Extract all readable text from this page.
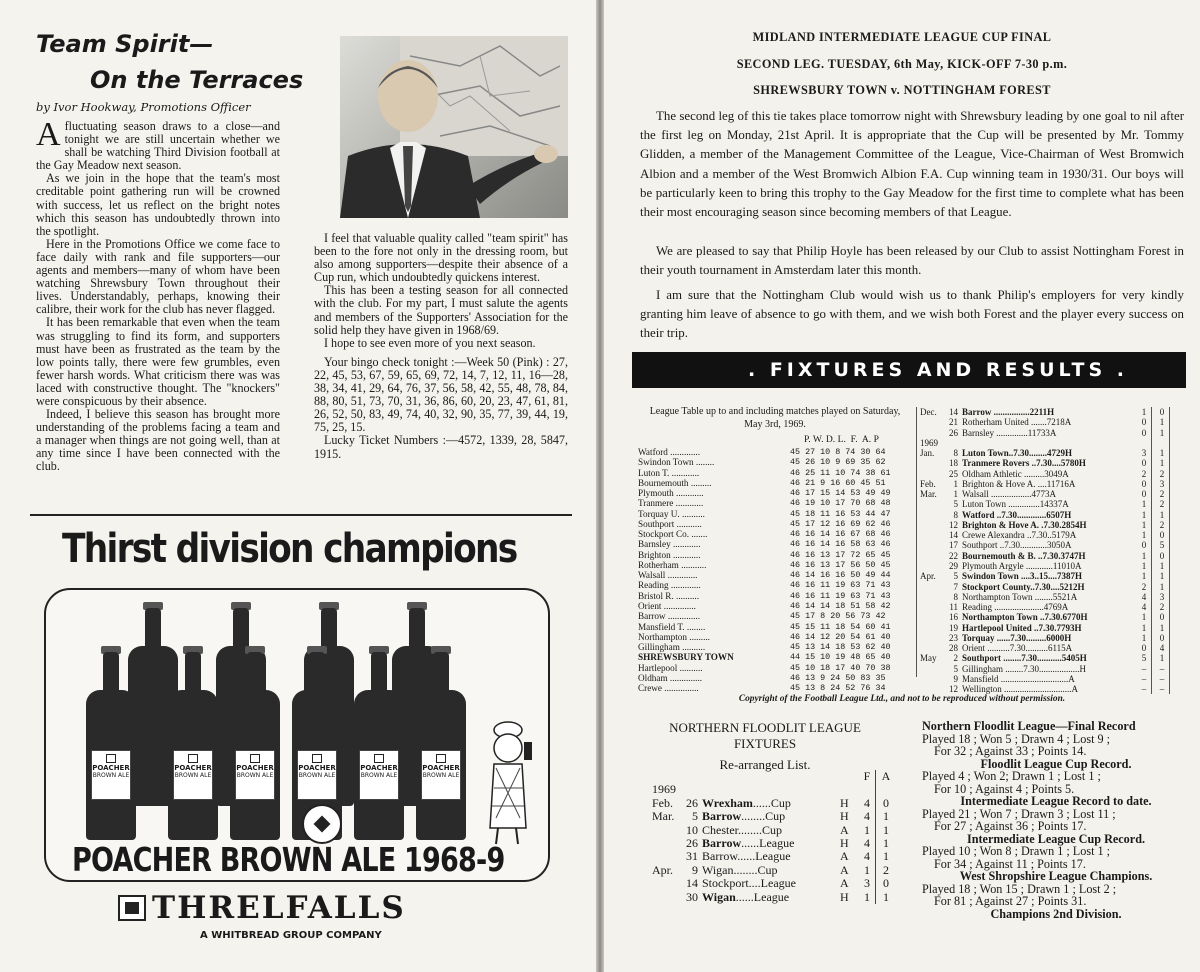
Team Spirit—
On the Terraces
by Ivor Hookway, Promotions Officer

Afluctuating season draws to a close—and tonight we are still uncertain whether we shall be watching Third Division football at the Gay Meadow next season.

As we join in the hope that the team's most creditable point gathering run will be crowned with success, let us reflect on the bright notes which this season has undoubtedly thrown into the spotlight.

Here in the Promotions Office we come face to face daily with rank and file supporters—our agents and members—many of whom have been watching Shrewsbury Town throughout their lives. Understandably, perhaps, knowing their calibre, their work for the club has never flagged.

It has been remarkable that even when the team was struggling to find its form, and supporters must have been as frustrated as the team by the low points tally, there were few grumbles, even fewer harsh words. What criticism there was was laced with constructive thought. The "knockers" were conspicuous by their absence.

Indeed, I believe this season has brought more understanding of the problems facing a team and a manager when things are not going well, than at any time since I have been connected with the club.

I feel that valuable quality called "team spirit" has been to the fore not only in the dressing room, but also among supporters—despite their absence of a Cup run, which undoubtedly quickens interest.

This has been a testing season for all connected with the club. For my part, I must salute the agents and members of the Supporters' Association for the solid help they have given in 1968/69.

I hope to see even more of you next season.

Your bingo check tonight :—Week 50 (Pink) : 27, 22, 45, 53, 67, 59, 65, 69, 72, 14, 7, 12, 11, 16—28, 38, 34, 41, 29, 64, 76, 37, 56, 58, 42, 55, 48, 78, 84, 88, 80, 51, 73, 70, 31, 36, 86, 60, 20, 23, 47, 61, 81, 26, 52, 50, 83, 49, 74, 40, 32, 90, 35, 77, 39, 44, 19, 75, 25, 15.

Lucky Ticket Numbers :—4572, 1339, 28, 5847, 1915.

Thirst division champions
POACHER
BROWN ALE
POACHER
BROWN ALE
POACHER
BROWN ALE
POACHER
BROWN ALE
POACHER
BROWN ALE
POACHER
BROWN ALE
POACHER BROWN ALE 1968-9
THRELFALLS
A WHITBREAD GROUP COMPANY
MIDLAND INTERMEDIATE LEAGUE CUP FINAL
SECOND LEG. TUESDAY, 6th May, KICK-OFF 7-30 p.m.
SHREWSBURY TOWN v. NOTTINGHAM FOREST

The second leg of this tie takes place tomorrow night with Shrewsbury leading by one goal to nil after the first leg on Monday, 21st April. It is appropriate that the Cup will be presented by Mr. Tommy Glidden, a member of the Management Committee of the League, Vice-Chairman of West Bromwich Albion and a member of the West Bromwich Albion F.A. Cup winning team in 1930/31. Our boys will be particularly keen to bring this trophy to the Gay Meadow for the first time to complete what has been their most encouraging season since becoming members of that League.

We are pleased to say that Philip Hoyle has been released by our Club to assist Nottingham Forest in their youth tournament in Amsterdam later this month.

I am sure that the Nottingham Club would wish us to thank Philip's employers for very kindly granting him leave of absence to go with them, and we wish both Forest and the player every success on their trip.

. FIXTURES AND RESULTS .
League Table up to and including matches played on Saturday, May 3rd, 1969.
P. W. D. L.  F.  A. P
Watford .............	45 27 10 8 74 30 64
Swindon Town ........	45 26 10 9 69 35 62
Luton T. ............	46 25 11 10 74 38 61
Bournemouth .........	46 21 9 16 60 45 51
Plymouth ............	46 17 15 14 53 49 49
Tranmere ............	46 19 10 17 70 68 48
Torquay U. ..........	45 18 11 16 53 44 47
Southport ...........	45 17 12 16 69 62 46
Stockport Co. .......	46 16 14 16 67 68 46
Barnsley ............	46 16 14 16 58 63 46
Brighton ............	46 16 13 17 72 65 45
Rotherham ...........	46 16 13 17 56 50 45
Walsall .............	46 14 16 16 50 49 44
Reading .............	46 16 11 19 63 71 43
Bristol R. ..........	46 16 11 19 63 71 43
Orient ..............	46 14 14 18 51 58 42
Barrow ..............	45 17 8 20 56 73 42
Mansfield T. ........	45 15 11 18 54 60 41
Northampton .........	46 14 12 20 54 61 40
Gillingham ..........	45 13 14 18 53 62 40
SHREWSBURY TOWN	44 15 10 19 48 65 40
Hartlepool ..........	45 10 18 17 40 70 38
Oldham ..............	46 13 9 24 50 83 35
Crewe ...............	45 13 8 24 52 76 34
Dec.	14 Barrow ................2211H	1	0
21 Rotherham United .......7218A	0	1
26 Barnsley ..............11733A	0	1
1969
Jan.	8 Luton Town..7.30........4729H	3	1
18 Tranmere Rovers ..7.30....5780H	0	1
25 Oldham Athletic .........3049A	2	2
Feb.	1 Brighton & Hove A. ....11716A	0	3
Mar.	1 Walsall ..................4773A	0	2
5 Luton Town ..............14337A	1	2
8 Watford ..7.30.............6507H	1	1
12 Brighton & Hove A. .7.30.2854H	1	2
14 Crewe Alexandra ..7.30..5179A	1	0
17 Southport ..7.30............3050A	0	5
22 Bournemouth & B. ..7.30.3747H	1	0
29 Plymouth Argyle ............11010A	1	1
Apr.	5 Swindon Town ....3..15....7387H	1	1
7 Stockport County..7.30....5212H	2	1
8 Northampton Town ........5521A	4	3
11 Reading ......................4769A	4	2
16 Northampton Town ..7.30.6770H	1	0
19 Hartlepool United ..7.30.7793H	1	1
23 Torquay ......7.30.........6000H	1	0
28 Orient ..........7.30..........6115A	0	4
May	2 Southport ........7.30...........5405H	5	1
5 Gillingham ........7.30..................H	–	–
9 Mansfield ..............................A	–	–
12 Wellington ..............................A	–	–
Copyright of the Football League Ltd., and not to be reproduced without permission.
NORTHERN FLOODLIT LEAGUE FIXTURES
Re-arranged List.
F A
1969
Feb.	26 Wrexham......Cup	H 4 0
Mar.	5 Barrow........Cup	H 4 1
10 Chester........Cup	A 1 1
26 Barrow......League	H 4 1
31 Barrow......League	A 4 1
Apr.	9 Wigan........Cup	A 1 2
14 Stockport....League	A 3 0
30 Wigan......League	H 1 1
Northern Floodlit League—Final Record
Played 18 ; Won 5 ; Drawn 4 ; Lost 9 ;
For 32 ; Against 33 ; Points 14.
Floodlit League Cup Record.
Played 4 ; Won 2; Drawn 1 ; Lost 1 ;
For 10 ; Against 4 ; Points 5.
Intermediate League Record to date.
Played 21 ; Won 7 ; Drawn 3 ; Lost 11 ;
For 27 ; Against 36 ; Points 17.
Intermediate League Cup Record.
Played 10 ; Won 8 ; Drawn 1 ; Lost 1 ;
For 34 ; Against 11 ; Points 17.
West Shropshire League Champions.
Played 18 ; Won 15 ; Drawn 1 ; Lost 2 ;
For 81 ; Against 27 ; Points 31.
Champions 2nd Division.
